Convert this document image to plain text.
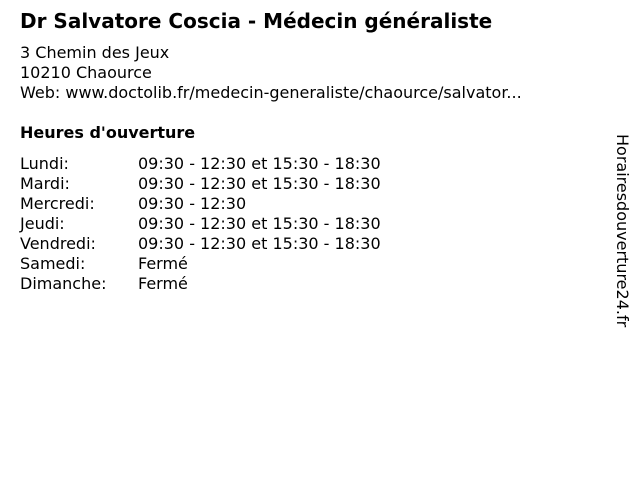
Dr Salvatore Coscia - Médecin généraliste
3 Chemin des Jeux
10210 Chaource
Web: www.doctolib.fr/medecin-generaliste/chaource/salvator...
Heures d'ouverture
Lundi:	09:30 - 12:30 et 15:30 - 18:30
Mardi:	09:30 - 12:30 et 15:30 - 18:30
Mercredi:	09:30 - 12:30
Jeudi:	09:30 - 12:30 et 15:30 - 18:30
Vendredi:	09:30 - 12:30 et 15:30 - 18:30
Samedi:	Fermé
Dimanche:	Fermé	Horairesdouverture24.fr
